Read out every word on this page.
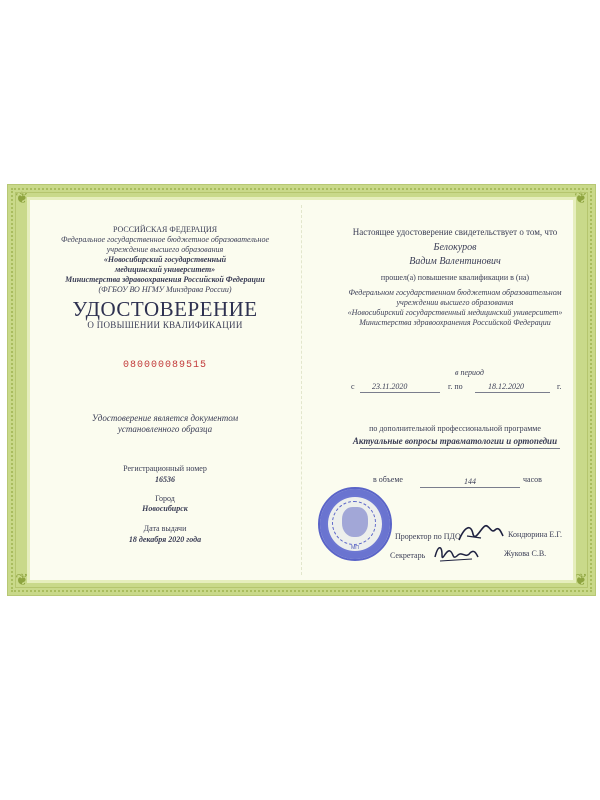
❦	❦
❦	❦
РОССИЙСКАЯ ФЕДЕРАЦИЯ
Федеральное государственное бюджетное образовательное
учреждение высшего образования
«Новосибирский государственный
медицинский университет»
Министерства здравоохранения Российской Федерации
(ФГБОУ ВО НГМУ Минздрава России)
УДОСТОВЕРЕНИЕ
О ПОВЫШЕНИИ КВАЛИФИКАЦИИ
080000089515
Удостоверение является документом
установленного образца
Регистрационный номер
16536
Город
Новосибирск
Дата выдачи
18 декабря 2020 года
Настоящее удостоверение свидетельствует о том, что
Белокуров
Вадим Валентинович
прошел(а) повышение квалификации в (на)
Федеральном государственном бюджетном образовательном
учреждении высшего образования
«Новосибирский государственный медицинский университет»
Министерства здравоохранения Российской Федерации
в период
с 23.11.2020	г. по	18.12.2020	г.
по дополнительной профессиональной программе
Актуальные вопросы травматологии и ортопедии
в объеме	144	часов
Проректор по ПДО	Кондюрина Е.Г.
Секретарь	Жукова С.В.
МП
